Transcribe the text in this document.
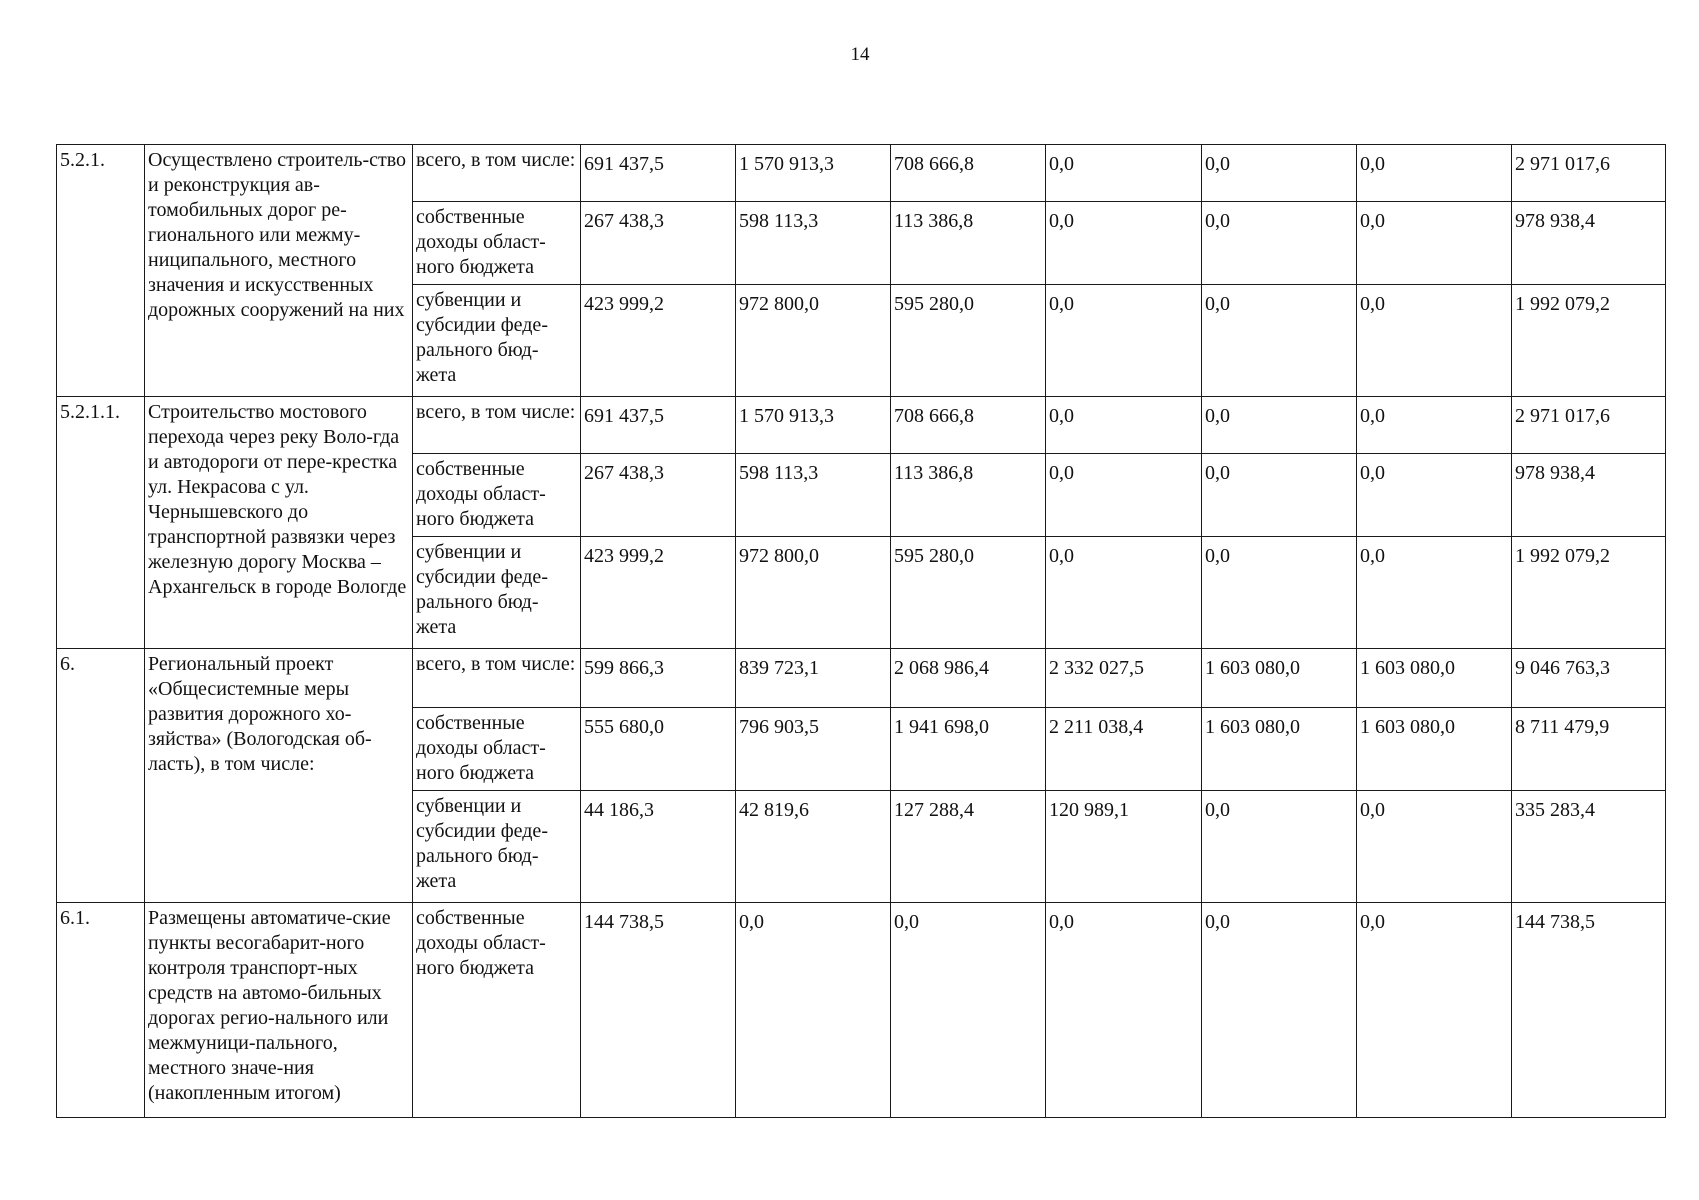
14
5.2.1.	Осуществлено строитель-ство и реконструкция ав-томобильных дорог ре-гионального или межму-ниципального, местного значения и искусственных дорожных сооружений на них	всего, в том числе:	691 437,5	1 570 913,3	708 666,8	0,0	0,0	0,0	2 971 017,6
		собственные доходы област-ного бюджета	267 438,3	598 113,3	113 386,8	0,0	0,0	0,0	978 938,4
		субвенции и субсидии феде-рального бюд-жета	423 999,2	972 800,0	595 280,0	0,0	0,0	0,0	1 992 079,2
5.2.1.1.	Строительство мостового перехода через реку Воло-гда и автодороги от пере-крестка ул. Некрасова с ул. Чернышевского до транспортной развязки через железную дорогу Москва – Архангельск в городе Вологде	всего, в том числе:	691 437,5	1 570 913,3	708 666,8	0,0	0,0	0,0	2 971 017,6
		собственные доходы област-ного бюджета	267 438,3	598 113,3	113 386,8	0,0	0,0	0,0	978 938,4
		субвенции и субсидии феде-рального бюд-жета	423 999,2	972 800,0	595 280,0	0,0	0,0	0,0	1 992 079,2
6.	Региональный проект «Общесистемные меры развития дорожного хо-зяйства» (Вологодская об-ласть), в том числе:	всего, в том числе:	599 866,3	839 723,1	2 068 986,4	2 332 027,5	1 603 080,0	1 603 080,0	9 046 763,3
		собственные доходы област-ного бюджета	555 680,0	796 903,5	1 941 698,0	2 211 038,4	1 603 080,0	1 603 080,0	8 711 479,9
		субвенции и субсидии феде-рального бюд-жета	44 186,3	42 819,6	127 288,4	120 989,1	0,0	0,0	335 283,4
6.1.	Размещены автоматиче-ские пункты весогабарит-ного контроля транспорт-ных средств на автомо-бильных дорогах регио-нального или межмуници-пального, местного значе-ния (накопленным итогом)	собственные доходы област-ного бюджета	144 738,5	0,0	0,0	0,0	0,0	0,0	144 738,5
